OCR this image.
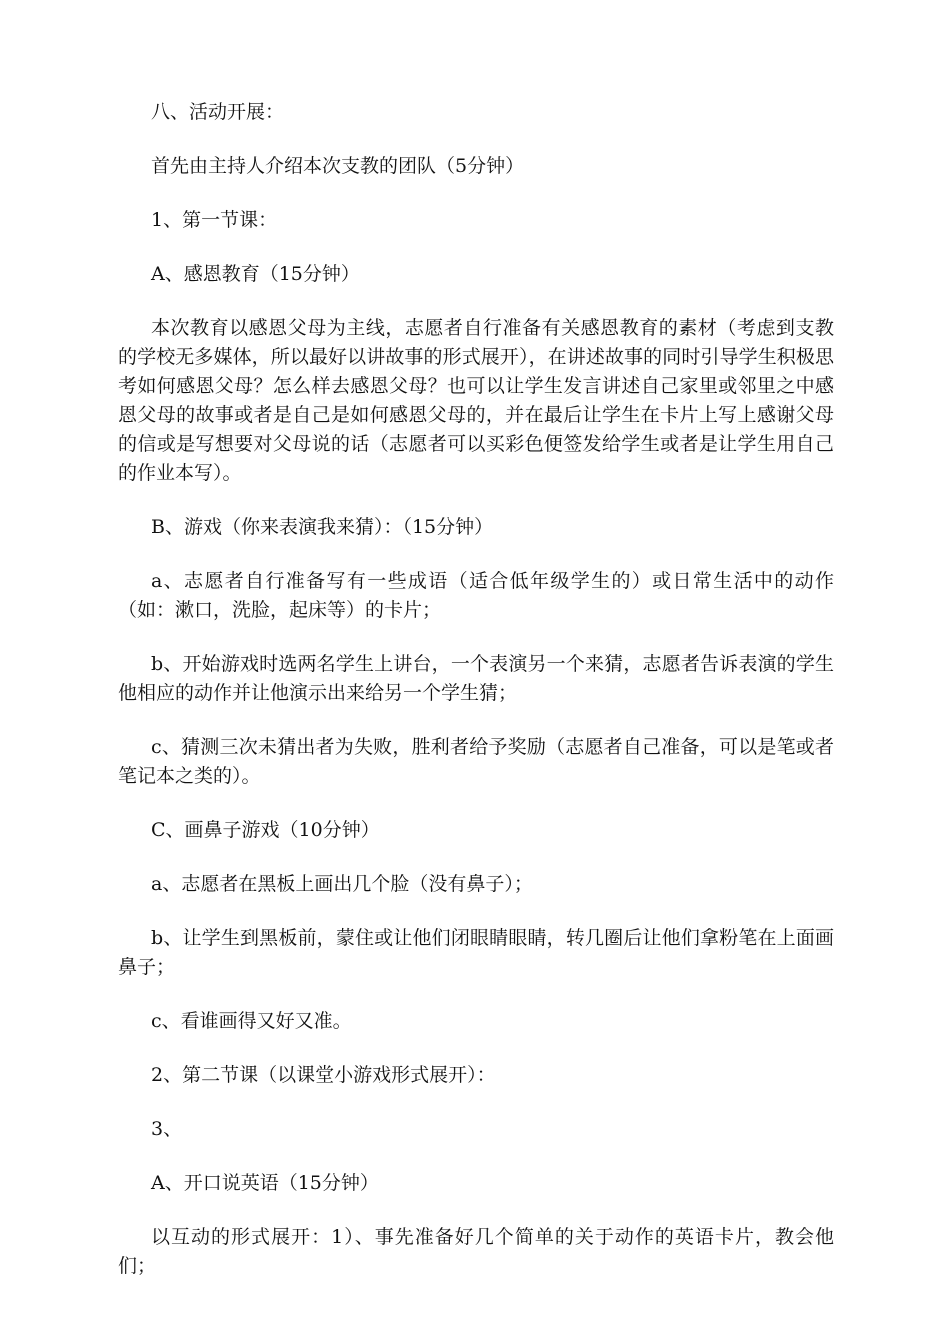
八、活动开展：

首先由主持人介绍本次支教的团队（5分钟）

1、第一节课：

A、感恩教育（15分钟）

本次教育以感恩父母为主线，志愿者自行准备有关感恩教育的素材（考虑到支教的学校无多媒体，所以最好以讲故事的形式展开），在讲述故事的同时引导学生积极思考如何感恩父母？怎么样去感恩父母？也可以让学生发言讲述自己家里或邻里之中感恩父母的故事或者是自己是如何感恩父母的，并在最后让学生在卡片上写上感谢父母的信或是写想要对父母说的话（志愿者可以买彩色便签发给学生或者是让学生用自己的作业本写）。

B、游戏（你来表演我来猜）：（15分钟）

a、志愿者自行准备写有一些成语（适合低年级学生的）或日常生活中的动作（如：漱口，洗脸，起床等）的卡片；

b、开始游戏时选两名学生上讲台，一个表演另一个来猜，志愿者告诉表演的学生他相应的动作并让他演示出来给另一个学生猜；

c、猜测三次未猜出者为失败，胜利者给予奖励（志愿者自己准备，可以是笔或者笔记本之类的）。

C、画鼻子游戏（10分钟）

a、志愿者在黑板上画出几个脸（没有鼻子）；

b、让学生到黑板前，蒙住或让他们闭眼睛眼睛，转几圈后让他们拿粉笔在上面画鼻子；

c、看谁画得又好又准。

2、第二节课（以课堂小游戏形式展开）：

3、

A、开口说英语（15分钟）

以互动的形式展开：1）、事先准备好几个简单的关于动作的英语卡片，教会他们；
